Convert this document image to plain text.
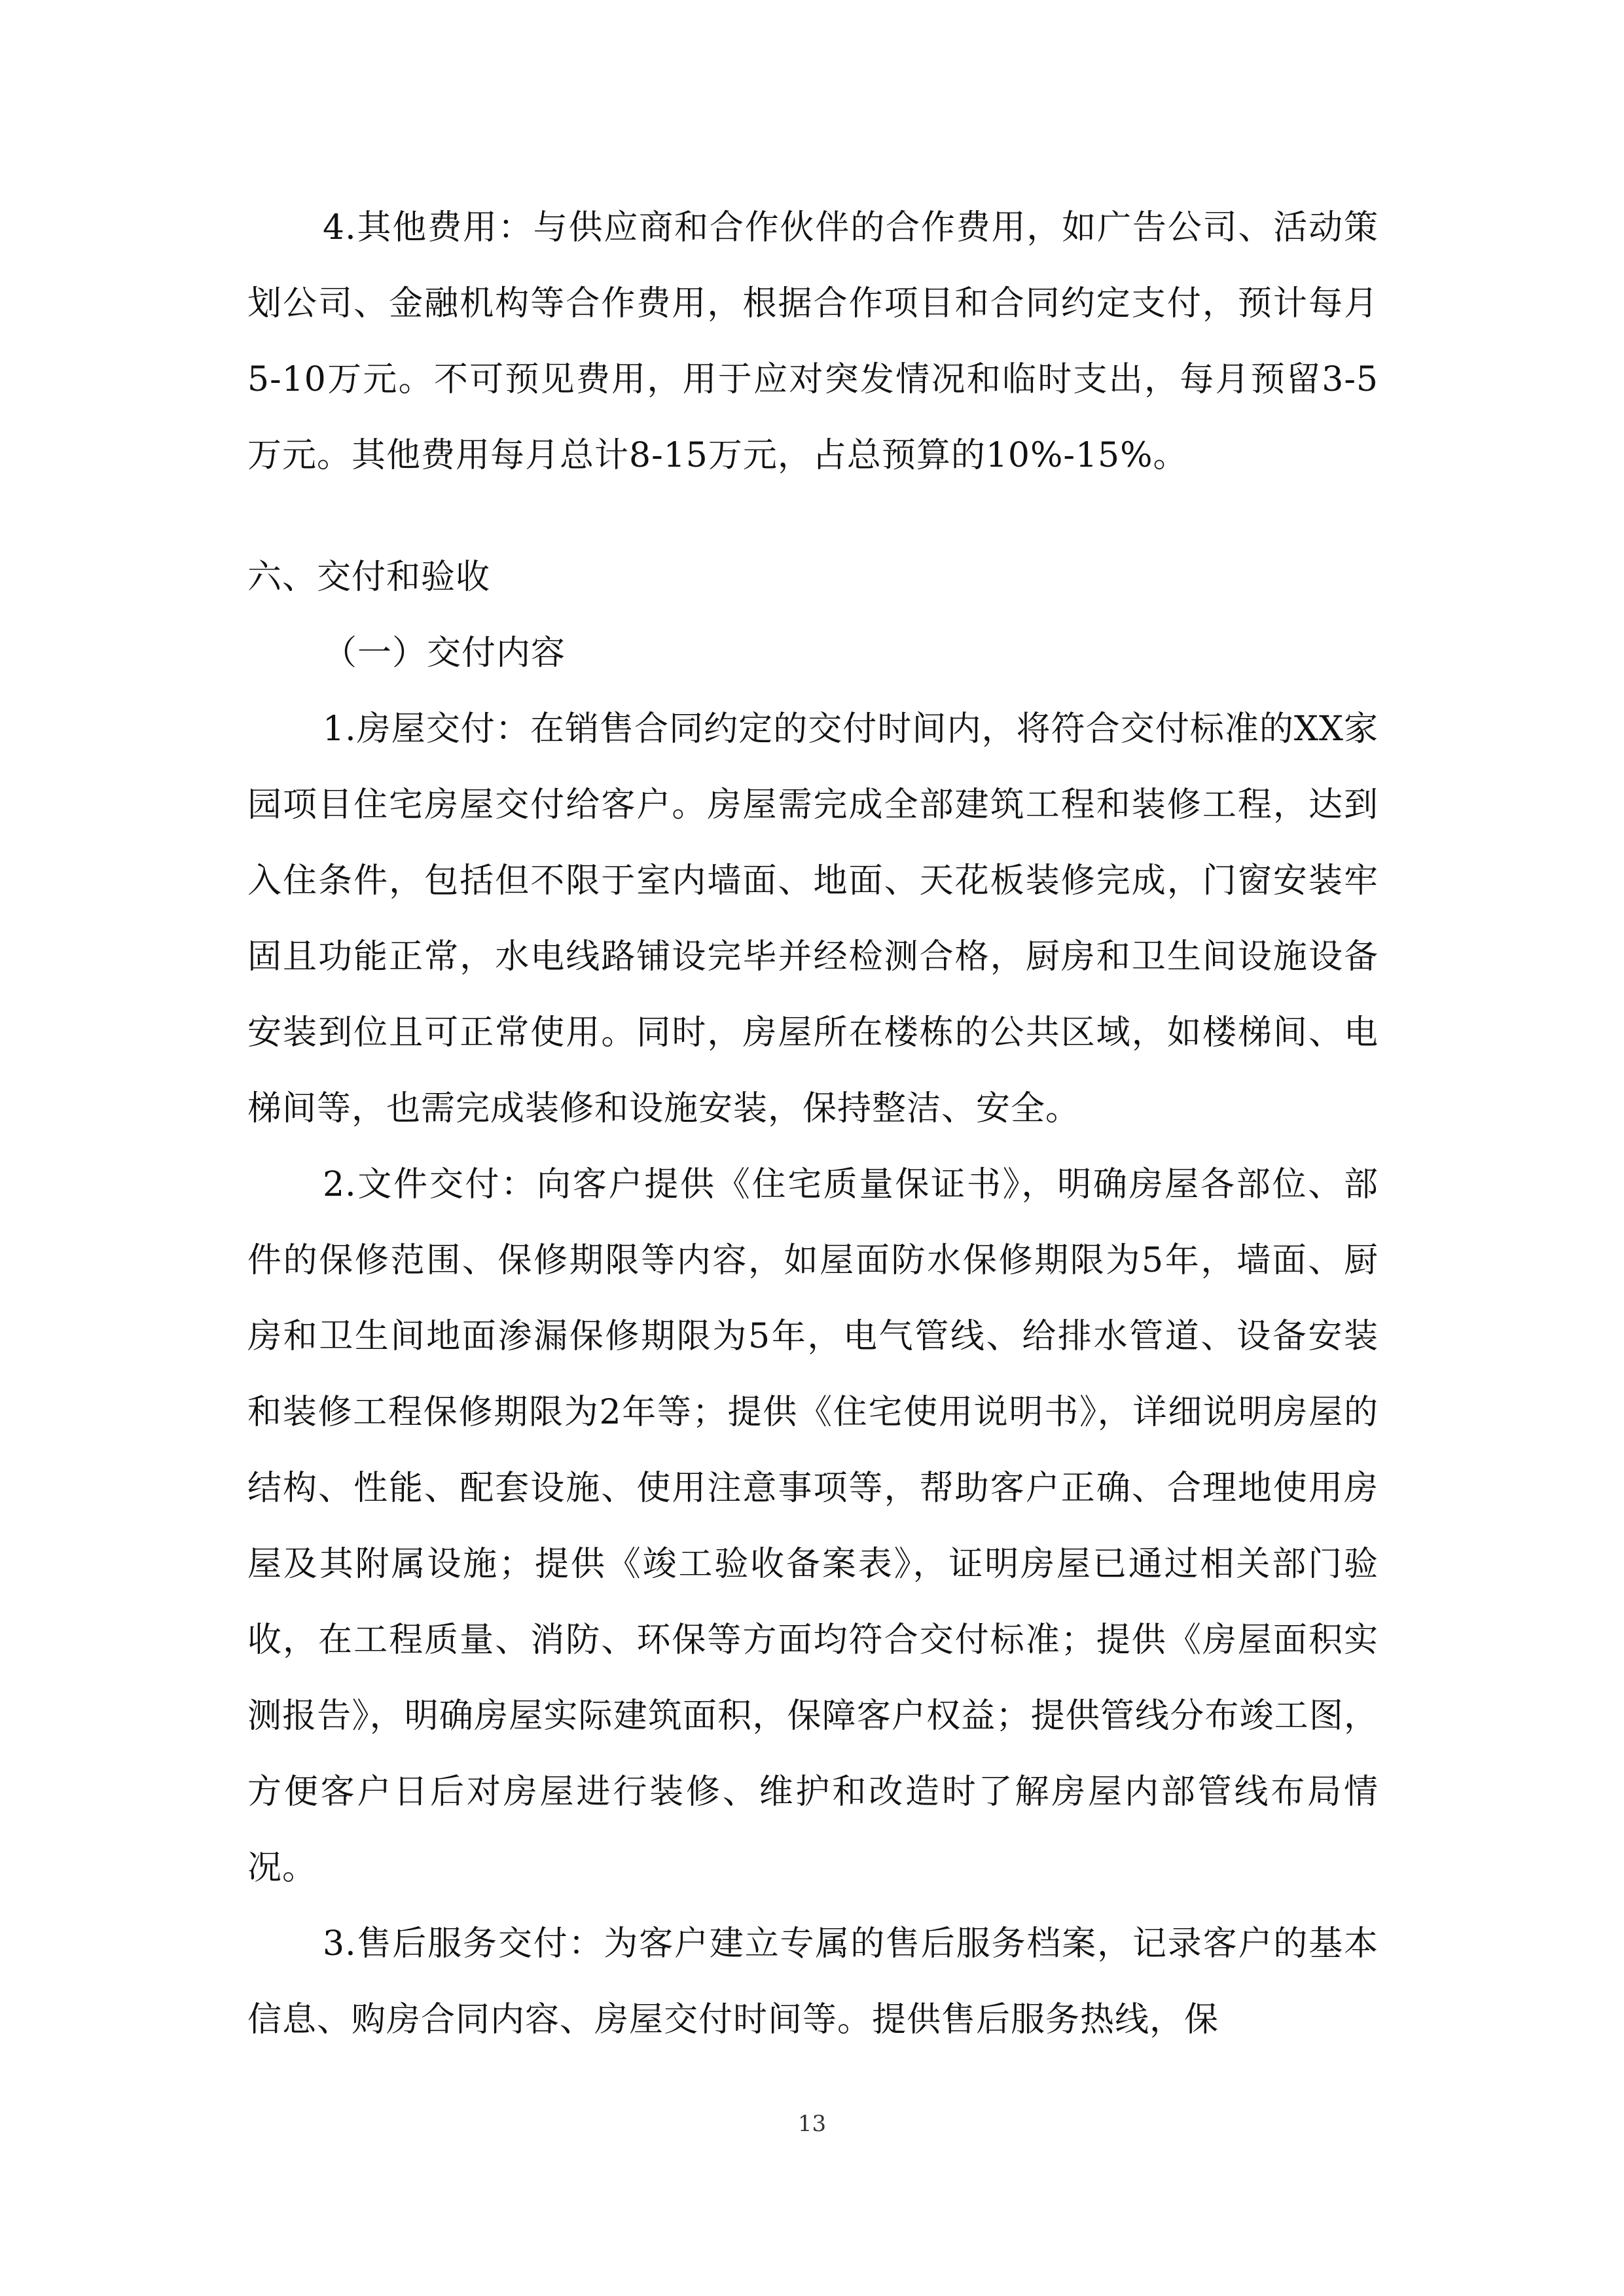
4.其他费用：与供应商和合作伙伴的合作费用，如广告公司、活动策划公司、金融机构等合作费用，根据合作项目和合同约定支付，预计每月5-10万元。不可预见费用，用于应对突发情况和临时支出，每月预留3-5万元。其他费用每月总计8-15万元，占总预算的10%-15%。

六、交付和验收

（一）交付内容

1.房屋交付：在销售合同约定的交付时间内，将符合交付标准的XX家园项目住宅房屋交付给客户。房屋需完成全部建筑工程和装修工程，达到入住条件，包括但不限于室内墙面、地面、天花板装修完成，门窗安装牢固且功能正常，水电线路铺设完毕并经检测合格，厨房和卫生间设施设备安装到位且可正常使用。同时，房屋所在楼栋的公共区域，如楼梯间、电梯间等，也需完成装修和设施安装，保持整洁、安全。

2.文件交付：向客户提供《住宅质量保证书》，明确房屋各部位、部件的保修范围、保修期限等内容，如屋面防水保修期限为5年，墙面、厨房和卫生间地面渗漏保修期限为5年，电气管线、给排水管道、设备安装和装修工程保修期限为2年等；提供《住宅使用说明书》，详细说明房屋的结构、性能、配套设施、使用注意事项等，帮助客户正确、合理地使用房屋及其附属设施；提供《竣工验收备案表》，证明房屋已通过相关部门验收，在工程质量、消防、环保等方面均符合交付标准；提供《房屋面积实测报告》，明确房屋实际建筑面积，保障客户权益；提供管线分布竣工图，方便客户日后对房屋进行装修、维护和改造时了解房屋内部管线布局情况。

3.售后服务交付：为客户建立专属的售后服务档案，记录客户的基本信息、购房合同内容、房屋交付时间等。提供售后服务热线，保

13
